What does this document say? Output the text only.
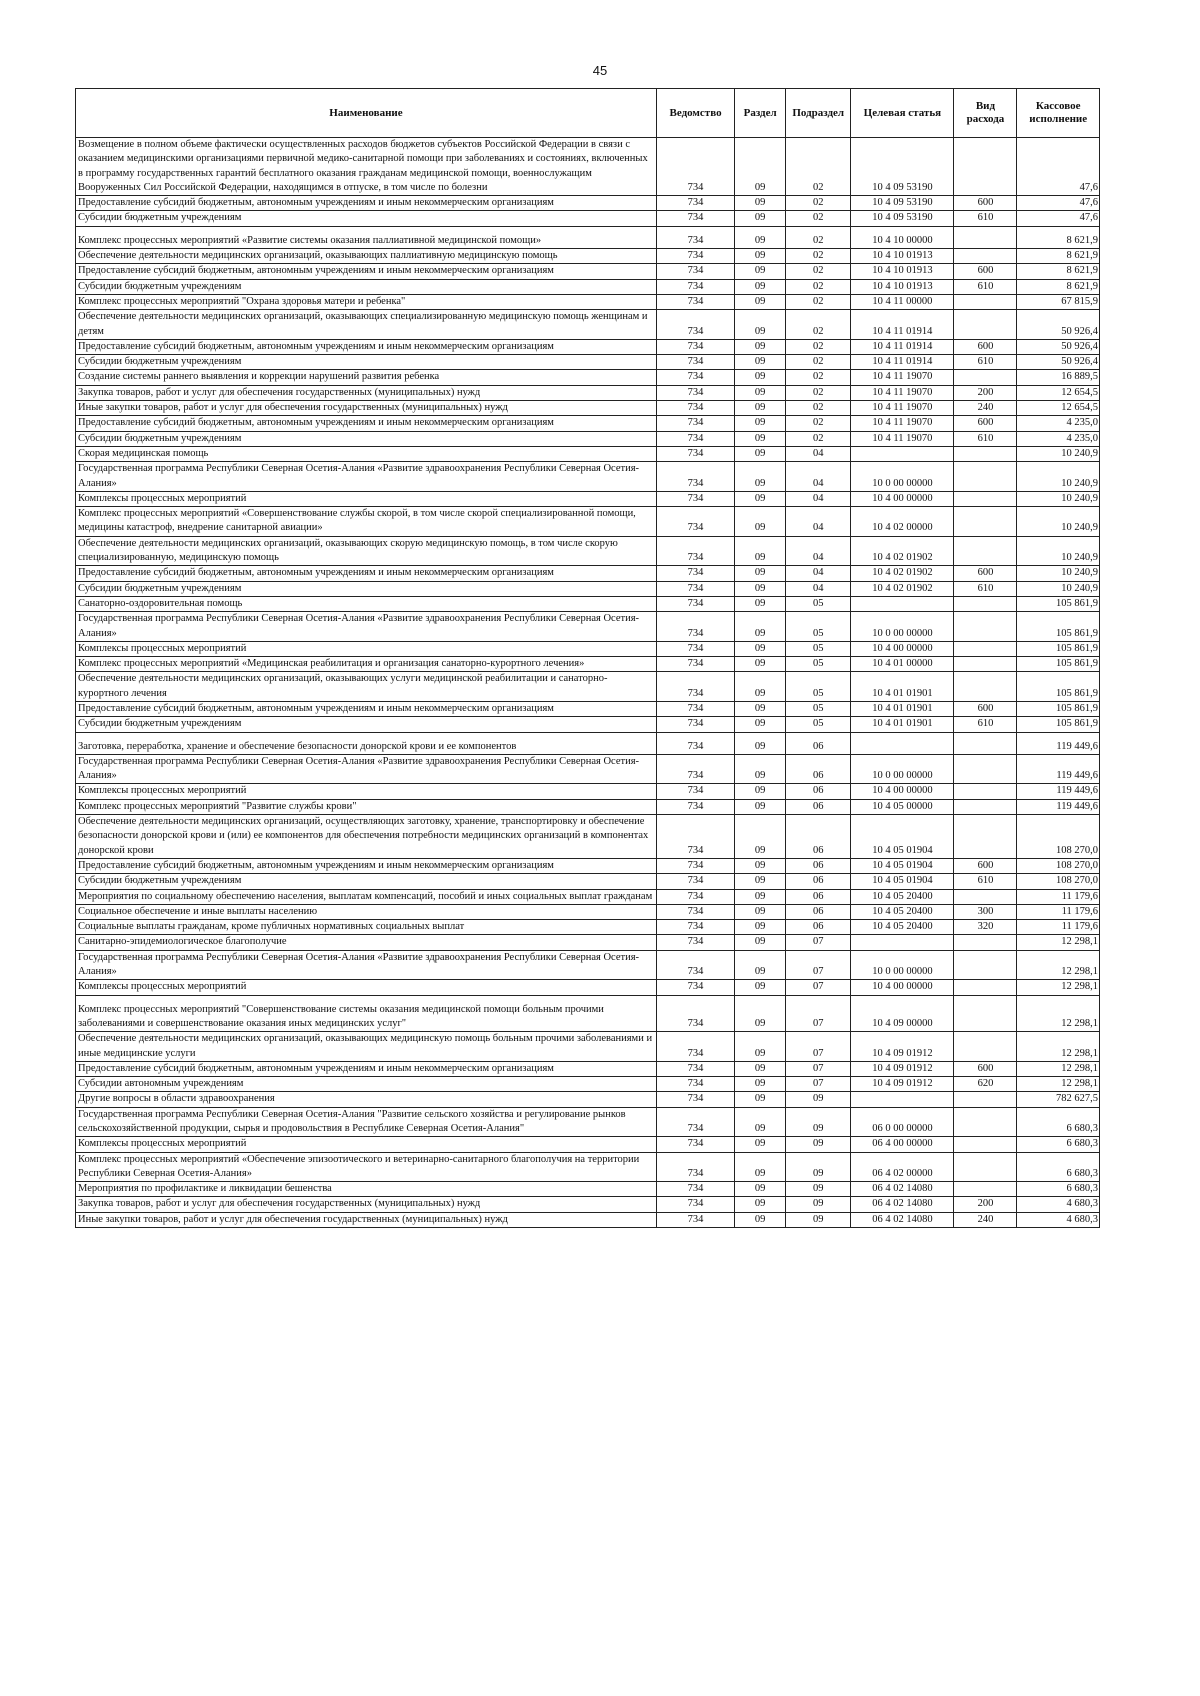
45
Наименование	Ведомство	Раздел	Подраздел	Целевая статья	Вид расхода	Кассовое исполнение
Возмещение в полном объеме фактически осуществленных расходов бюджетов субъектов Российской Федерации в связи с оказанием медицинскими организациями первичной медико-санитарной помощи при заболеваниях и состояниях, включенных в программу государственных гарантий бесплатного оказания гражданам медицинской помощи, военнослужащим Вооруженных Сил Российской Федерации, находящимся в отпуске, в том числе по болезни	734	09	02	10 4 09 53190		47,6
Предоставление субсидий бюджетным, автономным учреждениям и иным некоммерческим организациям	734	09	02	10 4 09 53190	600	47,6
Субсидии бюджетным учреждениям	734	09	02	10 4 09 53190	610	47,6
Комплекс процессных мероприятий «Развитие системы оказания паллиативной медицинской помощи»	734	09	02	10 4 10 00000		8 621,9
Обеспечение деятельности медицинских организаций, оказывающих паллиативную медицинскую помощь	734	09	02	10 4 10 01913		8 621,9
Предоставление субсидий бюджетным, автономным учреждениям и иным некоммерческим организациям	734	09	02	10 4 10 01913	600	8 621,9
Субсидии бюджетным учреждениям	734	09	02	10 4 10 01913	610	8 621,9
Комплекс процессных мероприятий "Охрана здоровья матери и ребенка"	734	09	02	10 4 11 00000		67 815,9
Обеспечение деятельности медицинских организаций, оказывающих специализированную медицинскую помощь женщинам и детям	734	09	02	10 4 11 01914		50 926,4
Предоставление субсидий бюджетным, автономным учреждениям и иным некоммерческим организациям	734	09	02	10 4 11 01914	600	50 926,4
Субсидии бюджетным учреждениям	734	09	02	10 4 11 01914	610	50 926,4
Создание системы раннего выявления и коррекции нарушений развития ребенка	734	09	02	10 4 11 19070		16 889,5
Закупка товаров, работ и услуг для обеспечения государственных (муниципальных) нужд	734	09	02	10 4 11 19070	200	12 654,5
Иные закупки товаров, работ и услуг для обеспечения государственных (муниципальных) нужд	734	09	02	10 4 11 19070	240	12 654,5
Предоставление субсидий бюджетным, автономным учреждениям и иным некоммерческим организациям	734	09	02	10 4 11 19070	600	4 235,0
Субсидии бюджетным учреждениям	734	09	02	10 4 11 19070	610	4 235,0
Скорая медицинская помощь	734	09	04			10 240,9
Государственная программа Республики Северная Осетия-Алания «Развитие здравоохранения Республики Северная Осетия-Алания»	734	09	04	10 0 00 00000		10 240,9
Комплексы процессных мероприятий	734	09	04	10 4 00 00000		10 240,9
Комплекс процессных мероприятий «Совершенствование службы скорой, в том числе скорой специализированной помощи, медицины катастроф, внедрение санитарной авиации»	734	09	04	10 4 02 00000		10 240,9
Обеспечение деятельности медицинских организаций, оказывающих скорую медицинскую помощь, в том числе скорую специализированную, медицинскую помощь	734	09	04	10 4 02 01902		10 240,9
Предоставление субсидий бюджетным, автономным учреждениям и иным некоммерческим организациям	734	09	04	10 4 02 01902	600	10 240,9
Субсидии бюджетным учреждениям	734	09	04	10 4 02 01902	610	10 240,9
Санаторно-оздоровительная помощь	734	09	05			105 861,9
Государственная программа Республики Северная Осетия-Алания «Развитие здравоохранения Республики Северная Осетия-Алания»	734	09	05	10 0 00 00000		105 861,9
Комплексы процессных мероприятий	734	09	05	10 4 00 00000		105 861,9
Комплекс процессных мероприятий «Медицинская реабилитация и организация санаторно-курортного лечения»	734	09	05	10 4 01 00000		105 861,9
Обеспечение деятельности медицинских организаций, оказывающих услуги медицинской реабилитации и санаторно-курортного лечения	734	09	05	10 4 01 01901		105 861,9
Предоставление субсидий бюджетным, автономным учреждениям и иным некоммерческим организациям	734	09	05	10 4 01 01901	600	105 861,9
Субсидии бюджетным учреждениям	734	09	05	10 4 01 01901	610	105 861,9
Заготовка, переработка, хранение и обеспечение безопасности донорской крови и ее компонентов	734	09	06			119 449,6
Государственная программа Республики Северная Осетия-Алания «Развитие здравоохранения Республики Северная Осетия-Алания»	734	09	06	10 0 00 00000		119 449,6
Комплексы процессных мероприятий	734	09	06	10 4 00 00000		119 449,6
Комплекс процессных мероприятий "Развитие службы крови"	734	09	06	10 4 05 00000		119 449,6
Обеспечение деятельности медицинских организаций, осуществляющих заготовку, хранение, транспортировку и обеспечение безопасности донорской крови и (или) ее компонентов для обеспечения потребности медицинских организаций в компонентах донорской крови	734	09	06	10 4 05 01904		108 270,0
Предоставление субсидий бюджетным, автономным учреждениям и иным некоммерческим организациям	734	09	06	10 4 05 01904	600	108 270,0
Субсидии бюджетным учреждениям	734	09	06	10 4 05 01904	610	108 270,0
Мероприятия по социальному обеспечению населения, выплатам компенсаций, пособий и иных социальных выплат гражданам	734	09	06	10 4 05 20400		11 179,6
Социальное обеспечение и иные выплаты населению	734	09	06	10 4 05 20400	300	11 179,6
Социальные выплаты гражданам, кроме публичных нормативных социальных выплат	734	09	06	10 4 05 20400	320	11 179,6
Санитарно-эпидемиологическое благополучие	734	09	07			12 298,1
Государственная программа Республики Северная Осетия-Алания «Развитие здравоохранения Республики Северная Осетия-Алания»	734	09	07	10 0 00 00000		12 298,1
Комплексы процессных мероприятий	734	09	07	10 4 00 00000		12 298,1
Комплекс процессных мероприятий "Совершенствование системы оказания медицинской помощи больным прочими заболеваниями и совершенствование оказания иных медицинских услуг"	734	09	07	10 4 09 00000		12 298,1
Обеспечение деятельности медицинских организаций, оказывающих медицинскую помощь больным прочими заболеваниями и иные медицинские услуги	734	09	07	10 4 09 01912		12 298,1
Предоставление субсидий бюджетным, автономным учреждениям и иным некоммерческим организациям	734	09	07	10 4 09 01912	600	12 298,1
Субсидии автономным учреждениям	734	09	07	10 4 09 01912	620	12 298,1
Другие вопросы в области здравоохранения	734	09	09			782 627,5
Государственная программа Республики Северная Осетия-Алания "Развитие сельского хозяйства и регулирование рынков сельскохозяйственной продукции, сырья и продовольствия в Республике Северная Осетия-Алания"	734	09	09	06 0 00 00000		6 680,3
Комплексы процессных мероприятий	734	09	09	06 4 00 00000		6 680,3
Комплекс процессных мероприятий «Обеспечение эпизоотического и ветеринарно-санитарного благополучия на территории Республики Северная Осетия-Алания»	734	09	09	06 4 02 00000		6 680,3
Мероприятия по профилактике и ликвидации бешенства	734	09	09	06 4 02 14080		6 680,3
Закупка товаров, работ и услуг для обеспечения государственных (муниципальных) нужд	734	09	09	06 4 02 14080	200	4 680,3
Иные закупки товаров, работ и услуг для обеспечения государственных (муниципальных) нужд	734	09	09	06 4 02 14080	240	4 680,3
